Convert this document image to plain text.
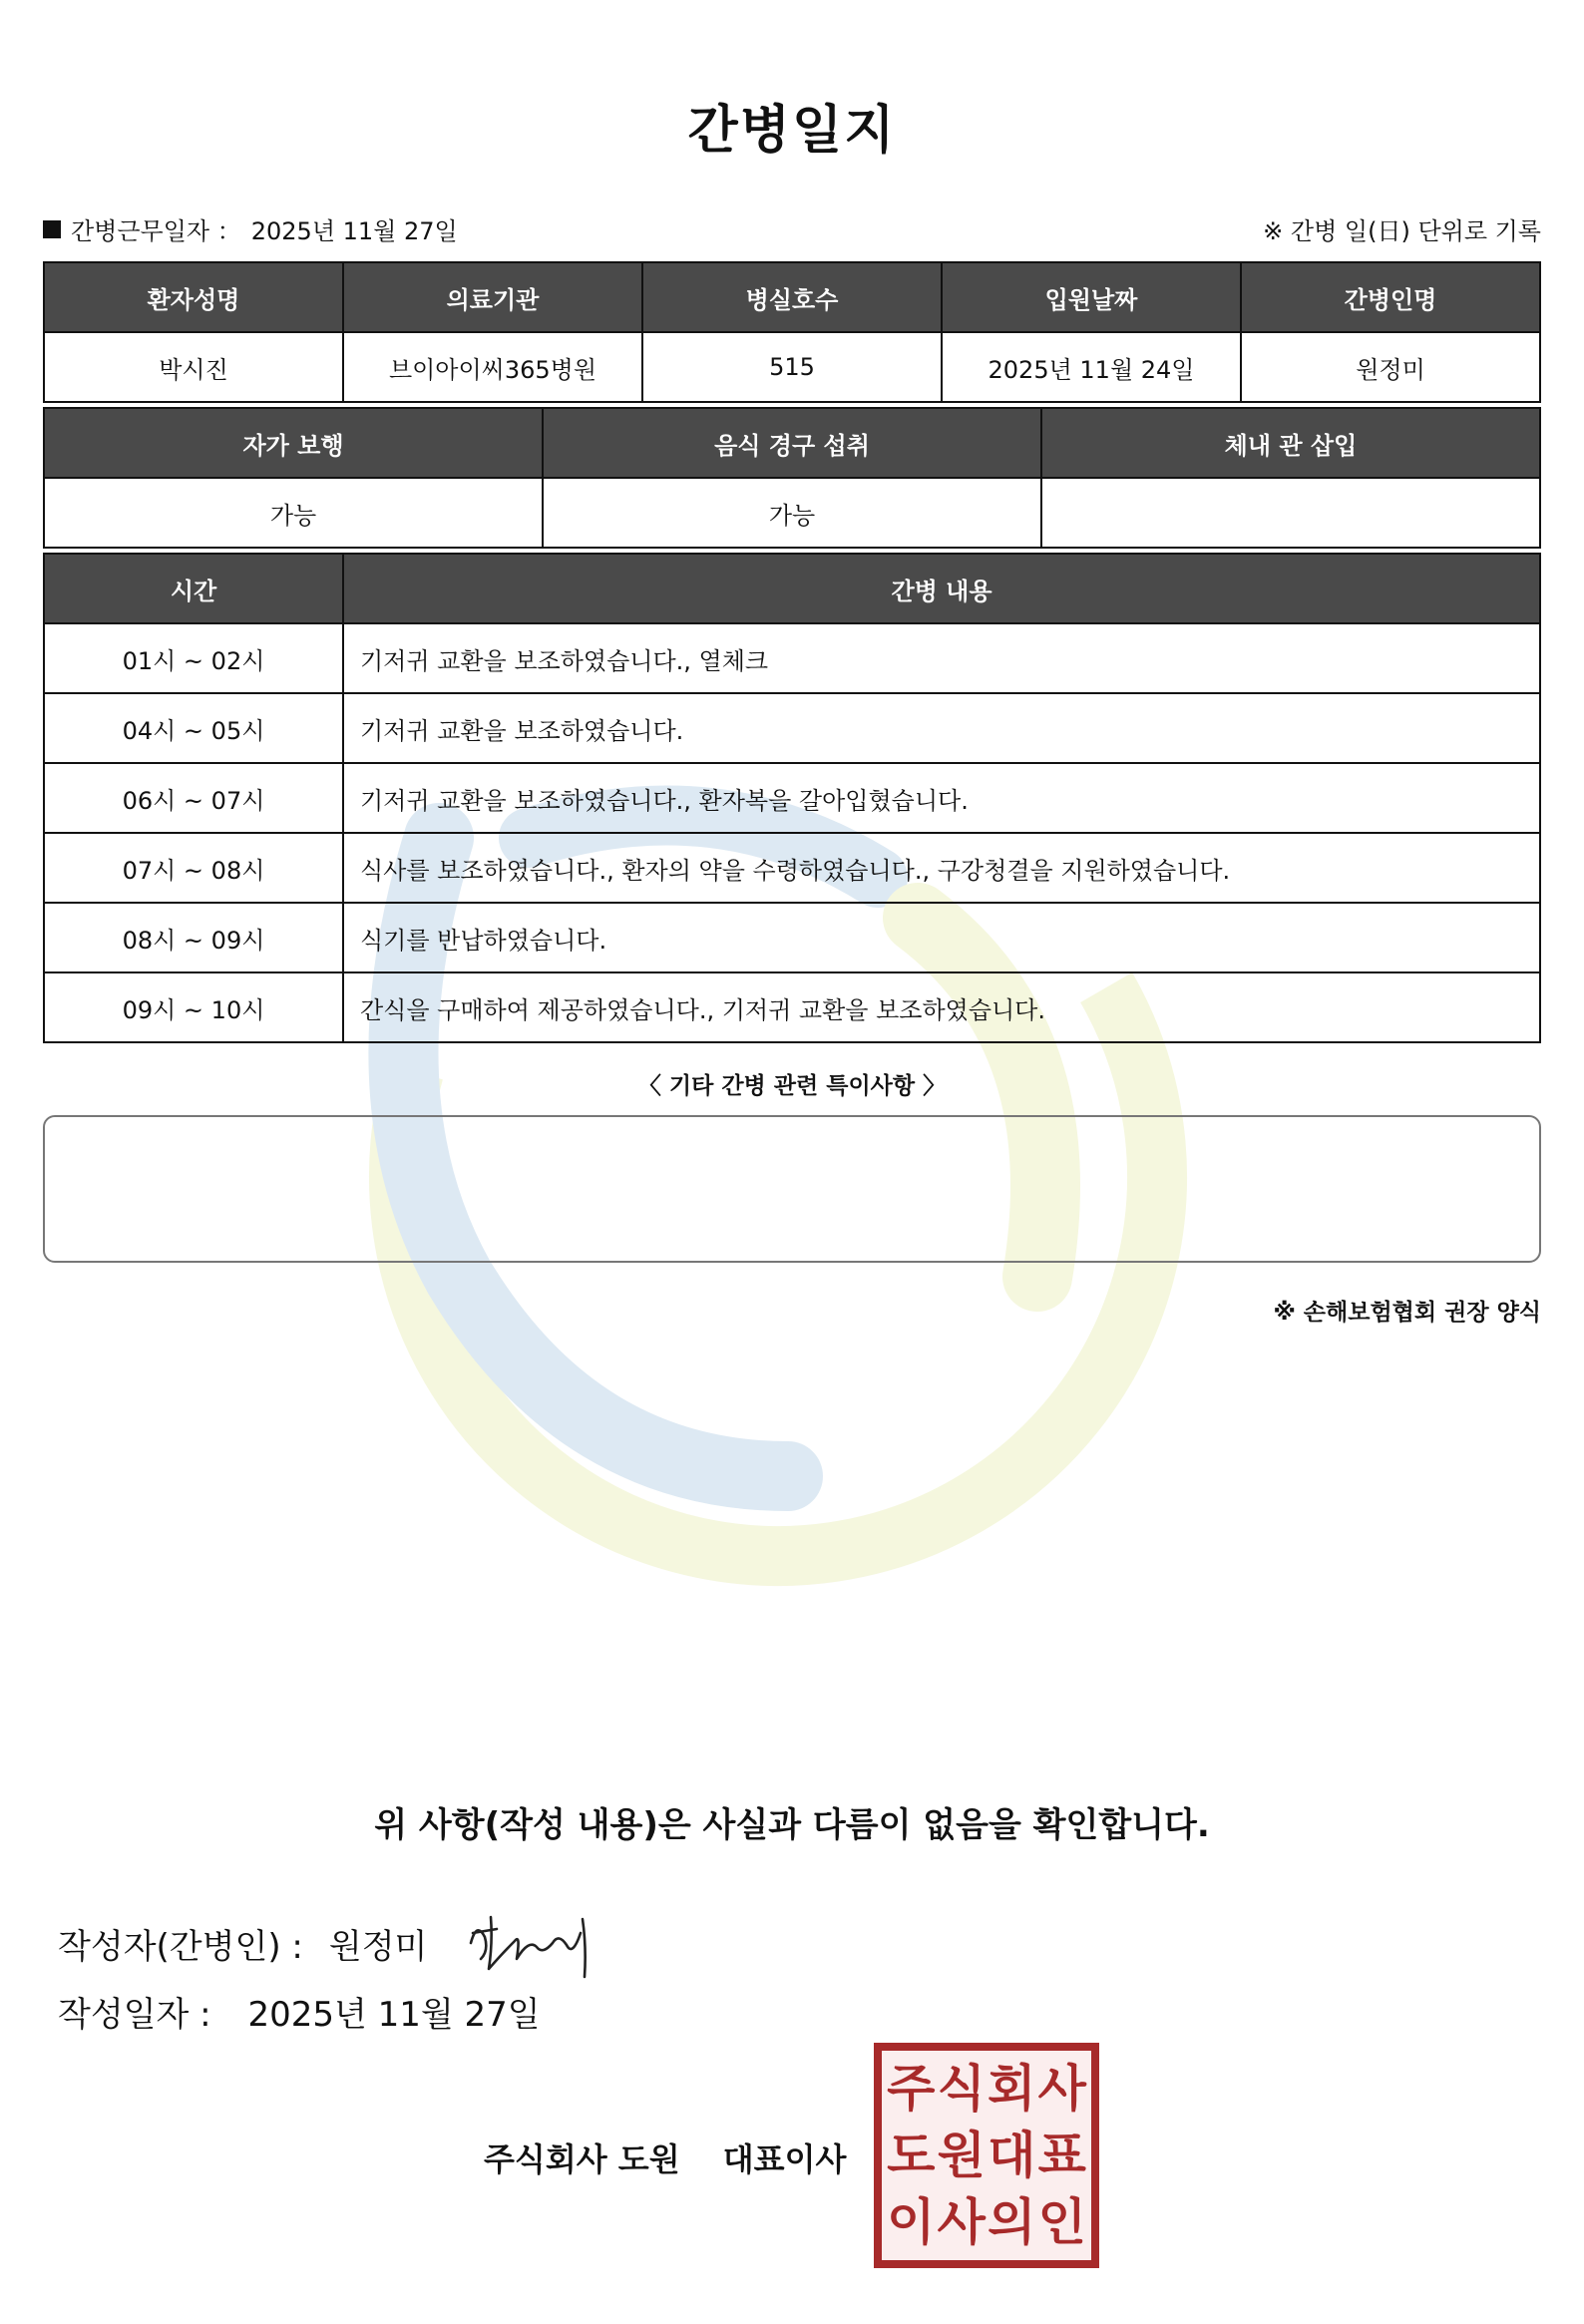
간병일지
간병근무일자 ： 2025년 11월 27일	※ 간병 일(日) 단위로 기록
환자성명	의료기관	병실호수	입원날짜	간병인명
박시진	브이아이씨365병원	515	2025년 11월 24일	원정미
자가 보행	음식 경구 섭취	체내 관 삽입
가능	가능	
시간	간병 내용
01시 ~ 02시	기저귀 교환을 보조하였습니다., 열체크
04시 ~ 05시	기저귀 교환을 보조하였습니다.
06시 ~ 07시	기저귀 교환을 보조하였습니다., 환자복을 갈아입혔습니다.
07시 ~ 08시	식사를 보조하였습니다., 환자의 약을 수령하였습니다., 구강청결을 지원하였습니다.
08시 ~ 09시	식기를 반납하였습니다.
09시 ~ 10시	간식을 구매하여 제공하였습니다., 기저귀 교환을 보조하였습니다.
〈 기타 간병 관련 특이사항 〉
※ 손해보험협회 권장 양식
위 사항(작성 내용)은 사실과 다름이 없음을 확인합니다.
작성자(간병인) : 원정미
작성일자 : 2025년 11월 27일
주식회사 도원 대표이사
주 식 회 사
도 원 대 표
이 사 의 인
